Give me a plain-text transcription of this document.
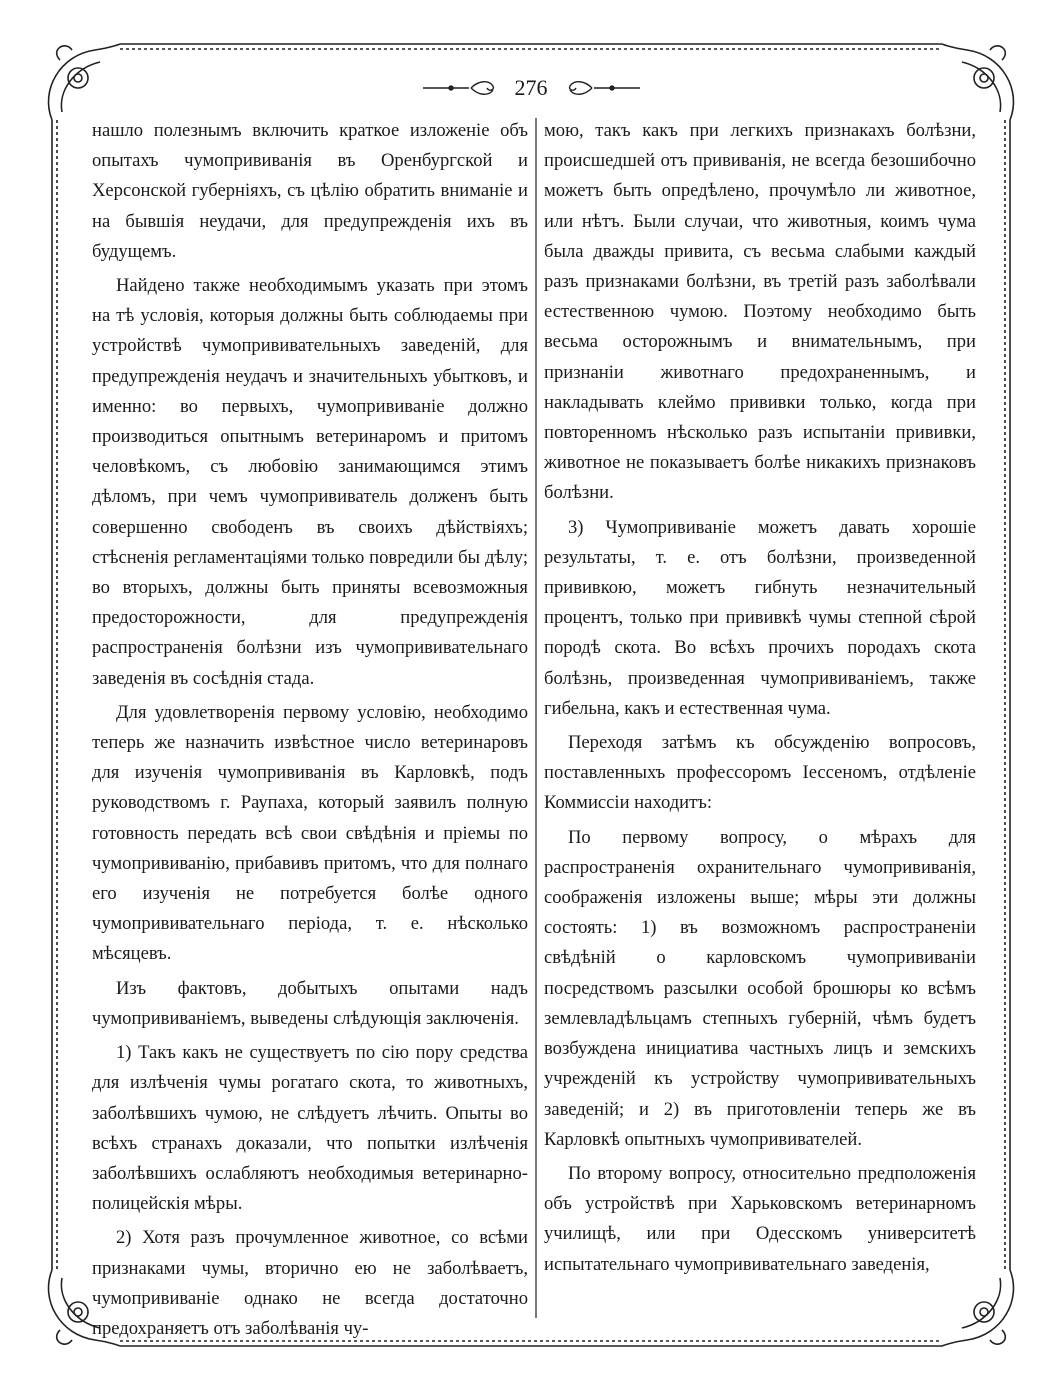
276

нашло полезнымъ включить краткое изложеніе объ опытахъ чумопрививанія въ Оренбургской и Херсонской губерніяхъ, съ цѣлію обратить вниманіе и на бывшія неудачи, для предупрежденія ихъ въ будущемъ.

Найдено также необходимымъ указать при этомъ на тѣ условія, которыя должны быть соблюдаемы при устройствѣ чумопрививательныхъ заведеній, для предупрежденія неудачъ и значительныхъ убытковъ, и именно: во первыхъ, чумопрививаніе должно производиться опытнымъ ветеринаромъ и притомъ человѣкомъ, съ любовію занимающимся этимъ дѣломъ, при чемъ чумопрививатель долженъ быть совершенно свободенъ въ своихъ дѣйствіяхъ; стѣсненія регламентаціями только повредили бы дѣлу; во вторыхъ, должны быть приняты всевозможныя предосторожности, для предупрежденія распространенія болѣзни изъ чумопрививательнаго заведенія въ сосѣднія стада.

Для удовлетворенія первому условію, необходимо теперь же назначить извѣстное число ветеринаровъ для изученія чумопрививанія въ Карловкѣ, подъ руководствомъ г. Раупаха, который заявилъ полную готовность передать всѣ свои свѣдѣнія и пріемы по чумопрививанію, прибавивъ притомъ, что для полнаго его изученія не потребуется болѣе одного чумопрививательнаго періода, т. е. нѣсколько мѣсяцевъ.

Изъ фактовъ, добытыхъ опытами надъ чумопрививаніемъ, выведены слѣдующія заключенія.

1) Такъ какъ не существуетъ по сію пору средства для излѣченія чумы рогатаго скота, то животныхъ, заболѣвшихъ чумою, не слѣдуетъ лѣчить. Опыты во всѣхъ странахъ доказали, что попытки излѣченія заболѣвшихъ ослабляютъ необходимыя ветеринарно-полицейскія мѣры.

2) Хотя разъ прочумленное животное, со всѣми признаками чумы, вторично ею не заболѣваетъ, чумопрививаніе однако не всегда достаточно предохраняетъ отъ заболѣванія чу-

мою, такъ какъ при легкихъ признакахъ болѣзни, происшедшей отъ прививанія, не всегда безошибочно можетъ быть опредѣлено, прочумѣло ли животное, или нѣтъ. Были случаи, что животныя, коимъ чума была дважды привита, съ весьма слабыми каждый разъ признаками болѣзни, въ третій разъ заболѣвали естественною чумою. Поэтому необходимо быть весьма осторожнымъ и внимательнымъ, при признаніи животнаго предохраненнымъ, и накладывать клеймо прививки только, когда при повторенномъ нѣсколько разъ испытаніи прививки, животное не показываетъ болѣе никакихъ признаковъ болѣзни.

3) Чумопрививаніе можетъ давать хорошіе результаты, т. е. отъ болѣзни, произведенной прививкою, можетъ гибнуть незначительный процентъ, только при прививкѣ чумы степной сѣрой породѣ скота. Во всѣхъ прочихъ породахъ скота болѣзнь, произведенная чумопрививаніемъ, также гибельна, какъ и естественная чума.

Переходя затѣмъ къ обсужденію вопросовъ, поставленныхъ профессоромъ Іессеномъ, отдѣленіе Коммиссіи находитъ:

По первому вопросу, о мѣрахъ для распространенія охранительнаго чумопрививанія, соображенія изложены выше; мѣры эти должны состоять: 1) въ возможномъ распространеніи свѣдѣній о карловскомъ чумопрививаніи посредствомъ разсылки особой брошюры ко всѣмъ землевладѣльцамъ степныхъ губерній, чѣмъ будетъ возбуждена инициатива частныхъ лицъ и земскихъ учрежденій къ устройству чумопрививательныхъ заведеній; и 2) въ приготовленіи теперь же въ Карловкѣ опытныхъ чумопрививателей.

По второму вопросу, относительно предположенія объ устройствѣ при Харьковскомъ ветеринарномъ училищѣ, или при Одесскомъ университетѣ испытательнаго чумопрививательнаго заведенія,
